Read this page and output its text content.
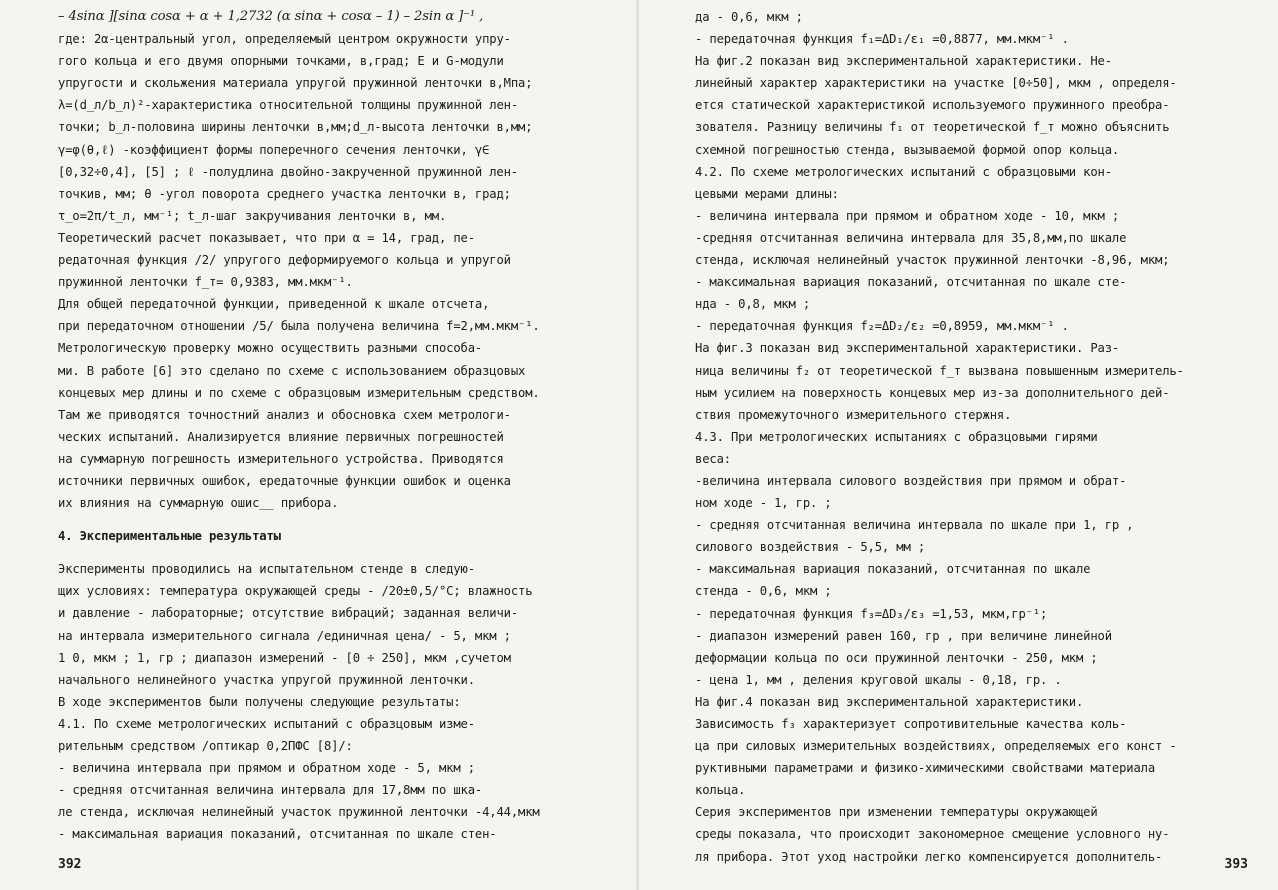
– 4sinα ][sinα cosα + α + 1,2732 (α sinα + cosα – 1) – 2sin α ]⁻¹ ,
где: 2α-центральный угол, определяемый центром окружности упру-
гого кольца и его двумя опорными точками, в,град; E и G-модули
упругости и скольжения материала упругой пружинной ленточки в,Мпа;
λ=(d_л/b_л)²-характеристика относительной толщины пружинной лен-
точки; b_л-половина ширины ленточки в,мм;d_л-высота ленточки в,мм;
γ=φ(θ,ℓ) -коэффициент формы поперечного сечения ленточки, γ∈
[0,32÷0,4], [5] ; ℓ -полудлина двойно-закрученной пружинной лен-
точкив, мм; θ -угол поворота среднего участка ленточки в, град;
τ_о=2π/t_л, мм⁻¹; t_л-шаг закручивания ленточки в, мм.
Теоретический расчет показывает, что при α = 14, град, пе-
редаточная функция /2/ упругого деформируемого кольца и упругой
пружинной ленточки f_т= 0,9383, мм.мкм⁻¹.
Для общей передаточной функции, приведенной к шкале отсчета,
при передаточном отношении /5/ была получена величина f=2,мм.мкм⁻¹.
Метрологическую проверку можно осуществить разными способа-
ми. В работе [6] это сделано по схеме с использованием образцовых
концевых мер длины и по схеме с образцовым измерительным средством.
Там же приводятся точностний анализ и обосновка схем метрологи-
ческих испытаний. Анализируется влияние первичных погрешностей
на суммарную погрешность измерительного устройства. Приводятся
источники первичных ошибок, ередаточные функции ошибок и оценка
их влияния на суммарную ошис__ прибора.
4. Экспериментальные результаты
Эксперименты проводились на испытательном стенде в следую-
щих условиях: температура окружающей среды - /20±0,5/°C; влажность
и давление - лабораторные; отсутствие вибраций; заданная величи-
на интервала измерительного сигнала /единичная цена/ - 5, мкм ;
1 0, мкм ; 1, гр ; диапазон измерений - [0 ÷ 250], мкм ,сучетом
начального нелинейного участка упругой пружинной ленточки.
В ходе экспериментов были получены следующие результаты:
4.1. По схеме метрологических испытаний с образцовым изме-
рительным средством /оптикар 0,2ПФС [8]/:
- величина интервала при прямом и обратном ходе - 5, мкм ;
- средняя отсчитанная величина интервала для 17,8мм по шка-
ле стенда, исключая нелинейный участок пружинной ленточки -4,44,мкм
- максимальная вариация показаний, отсчитанная по шкале стен-
392
да - 0,6, мкм ;
- передаточная функция f₁=ΔD₁/ε₁ =0,8877, мм.мкм⁻¹ .
На фиг.2 показан вид экспериментальной характеристики. Не-
линейный характер характеристики на участке [0÷50], мкм , определя-
ется статической характеристикой используемого пружинного преобра-
зователя. Разницу величины f₁ от теоретической f_т можно объяснить
схемной погрешностью стенда, вызываемой формой опор кольца.
4.2. По схеме метрологических испытаний с образцовыми кон-
цевыми мерами длины:
- величина интервала при прямом и обратном ходе - 10, мкм ;
-средняя отсчитанная величина интервала для 35,8,мм,по шкале
стенда, исключая нелинейный участок пружинной ленточки -8,96, мкм;
- максимальная вариация показаний, отсчитанная по шкале сте-
нда - 0,8, мкм ;
- передаточная функция f₂=ΔD₂/ε₂ =0,8959, мм.мкм⁻¹ .
На фиг.3 показан вид экспериментальной характеристики. Раз-
ница величины f₂ от теоретической f_т вызвана повышенным измеритель-
ным усилием на поверхность концевых мер из-за дополнительного дей-
ствия промежуточного измерительного стержня.
4.3. При метрологических испытаниях с образцовыми гирями
веса:
-величина интервала силового воздействия при прямом и обрат-
ном ходе - 1, гр. ;
- средняя отсчитанная величина интервала по шкале при 1, гр ,
силового воздействия - 5,5, мм ;
- максимальная вариация показаний, отсчитанная по шкале
стенда - 0,6, мкм ;
- передаточная функция f₃=ΔD₃/ε₃ =1,53, мкм,гр⁻¹;
- диапазон измерений равен 160, гр , при величине линейной
деформации кольца по оси пружинной ленточки - 250, мкм ;
- цена 1, мм , деления круговой шкалы - 0,18, гр. .
На фиг.4 показан вид экспериментальной характеристики.
Зависимость f₃ характеризует сопротивительные качества коль-
ца при силовых измерительных воздействиях, определяемых его конст -
руктивными параметрами и физико-химическими свойствами материала
кольца.
Серия экспериментов при изменении температуры окружающей
среды показала, что происходит закономерное смещение условного ну-
ля прибора. Этот уход настройки легко компенсируется дополнитель-
393
